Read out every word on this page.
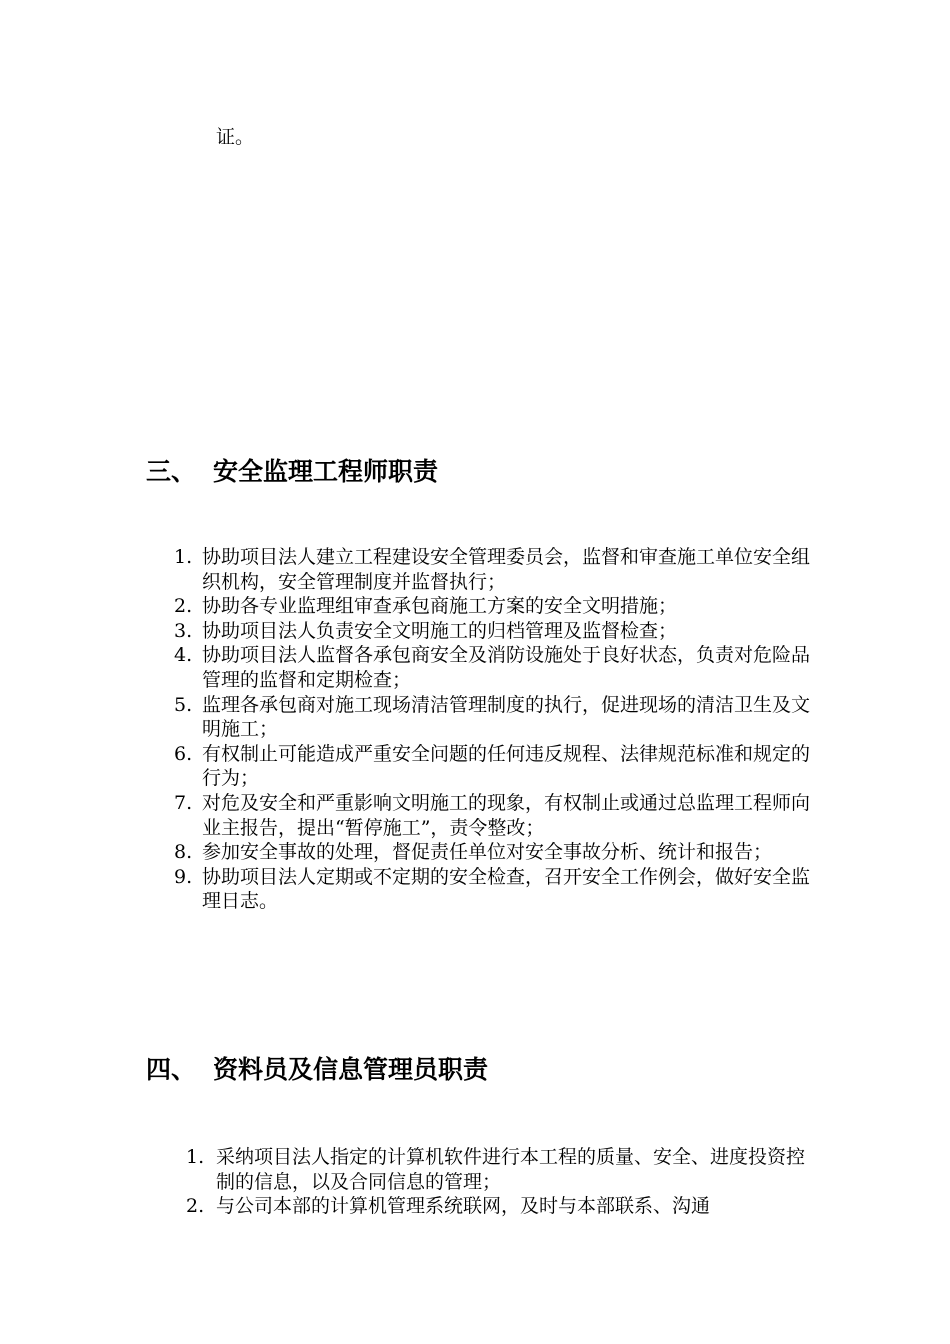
证。
三、 安全监理工程师职责
1. 协助项目法人建立工程建设安全管理委员会，监督和审查施工单位安全组织机构，安全管理制度并监督执行；
2. 协助各专业监理组审查承包商施工方案的安全文明措施；
3. 协助项目法人负责安全文明施工的归档管理及监督检查；
4. 协助项目法人监督各承包商安全及消防设施处于良好状态，负责对危险品管理的监督和定期检查；
5. 监理各承包商对施工现场清洁管理制度的执行，促进现场的清洁卫生及文明施工；
6. 有权制止可能造成严重安全问题的任何违反规程、法律规范标准和规定的行为；
7. 对危及安全和严重影响文明施工的现象，有权制止或通过总监理工程师向业主报告，提出“暂停施工”，责令整改；
8. 参加安全事故的处理，督促责任单位对安全事故分析、统计和报告；
9. 协助项目法人定期或不定期的安全检查，召开安全工作例会，做好安全监理日志。
四、 资料员及信息管理员职责
1. 采纳项目法人指定的计算机软件进行本工程的质量、安全、进度投资控制的信息，以及合同信息的管理；
2. 与公司本部的计算机管理系统联网，及时与本部联系、沟通
